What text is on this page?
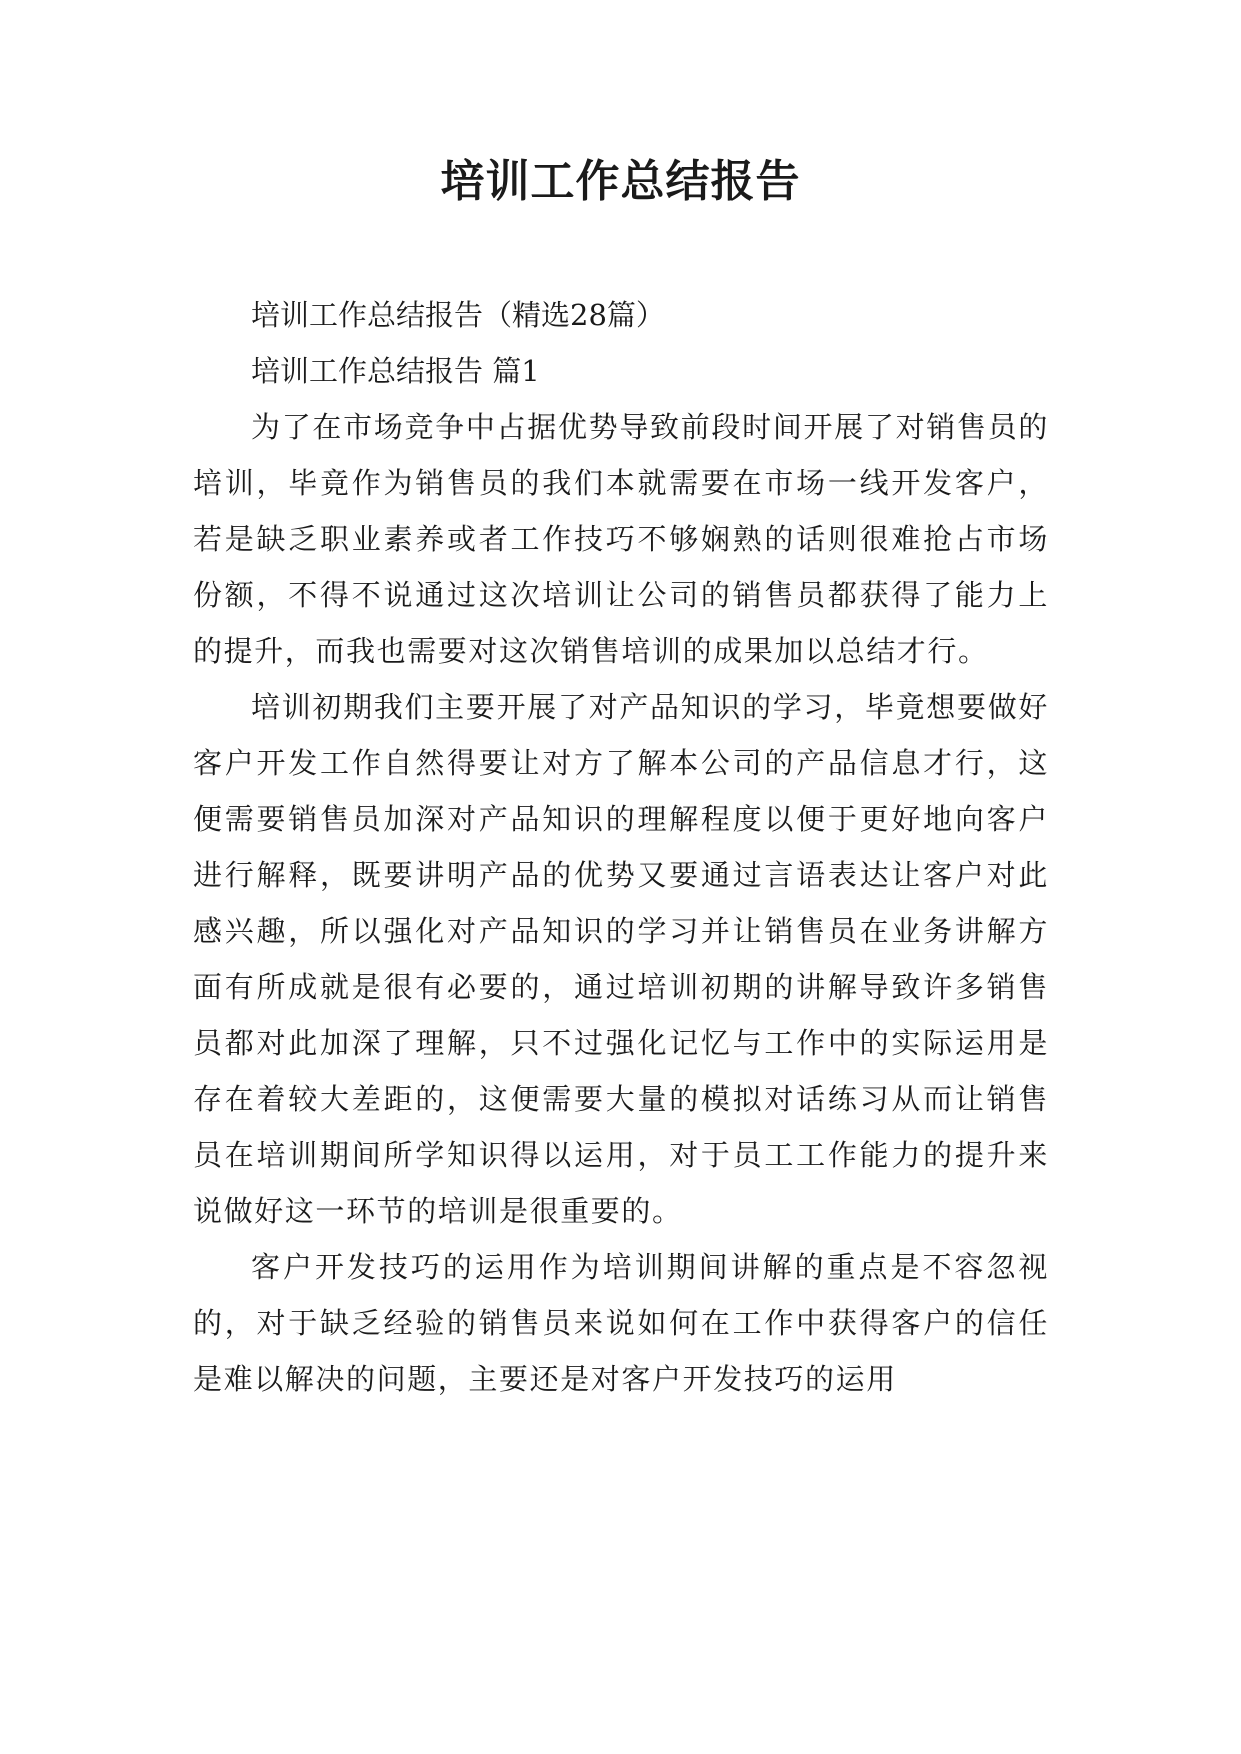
培训工作总结报告

培训工作总结报告（精选28篇）

培训工作总结报告 篇1

为了在市场竞争中占据优势导致前段时间开展了对销售员的培训，毕竟作为销售员的我们本就需要在市场一线开发客户，若是缺乏职业素养或者工作技巧不够娴熟的话则很难抢占市场份额，不得不说通过这次培训让公司的销售员都获得了能力上的提升，而我也需要对这次销售培训的成果加以总结才行。

培训初期我们主要开展了对产品知识的学习，毕竟想要做好客户开发工作自然得要让对方了解本公司的产品信息才行，这便需要销售员加深对产品知识的理解程度以便于更好地向客户进行解释，既要讲明产品的优势又要通过言语表达让客户对此感兴趣，所以强化对产品知识的学习并让销售员在业务讲解方面有所成就是很有必要的，通过培训初期的讲解导致许多销售员都对此加深了理解，只不过强化记忆与工作中的实际运用是存在着较大差距的，这便需要大量的模拟对话练习从而让销售员在培训期间所学知识得以运用，对于员工工作能力的提升来说做好这一环节的培训是很重要的。

客户开发技巧的运用作为培训期间讲解的重点是不容忽视的，对于缺乏经验的销售员来说如何在工作中获得客户的信任是难以解决的问题，主要还是对客户开发技巧的运用
